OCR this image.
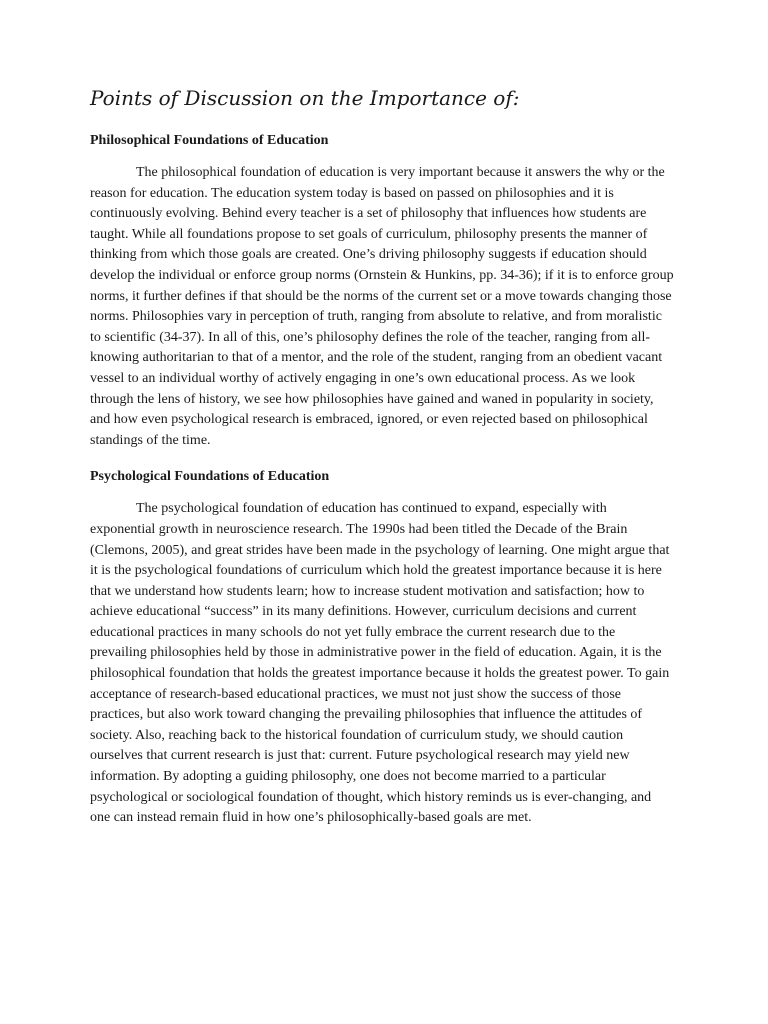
Points of Discussion on the Importance of:
Philosophical Foundations of Education

The philosophical foundation of education is very important because it answers the why or the reason for education. The education system today is based on passed on philosophies and it is continuously evolving. Behind every teacher is a set of philosophy that influences how students are taught. While all foundations propose to set goals of curriculum, philosophy presents the manner of thinking from which those goals are created. One’s driving philosophy suggests if education should develop the individual or enforce group norms (Ornstein & Hunkins, pp. 34-36); if it is to enforce group norms, it further defines if that should be the norms of the current set or a move towards changing those norms. Philosophies vary in perception of truth, ranging from absolute to relative, and from moralistic to scientific (34-37). In all of this, one’s philosophy defines the role of the teacher, ranging from all-knowing authoritarian to that of a mentor, and the role of the student, ranging from an obedient vacant vessel to an individual worthy of actively engaging in one’s own educational process. As we look through the lens of history, we see how philosophies have gained and waned in popularity in society, and how even psychological research is embraced, ignored, or even rejected based on philosophical standings of the time.

Psychological Foundations of Education

The psychological foundation of education has continued to expand, especially with exponential growth in neuroscience research. The 1990s had been titled the Decade of the Brain (Clemons, 2005), and great strides have been made in the psychology of learning. One might argue that it is the psychological foundations of curriculum which hold the greatest importance because it is here that we understand how students learn; how to increase student motivation and satisfaction; how to achieve educational “success” in its many definitions. However, curriculum decisions and current educational practices in many schools do not yet fully embrace the current research due to the prevailing philosophies held by those in administrative power in the field of education. Again, it is the philosophical foundation that holds the greatest importance because it holds the greatest power. To gain acceptance of research-based educational practices, we must not just show the success of those practices, but also work toward changing the prevailing philosophies that influence the attitudes of society. Also, reaching back to the historical foundation of curriculum study, we should caution ourselves that current research is just that: current. Future psychological research may yield new information. By adopting a guiding philosophy, one does not become married to a particular psychological or sociological foundation of thought, which history reminds us is ever-changing, and one can instead remain fluid in how one’s philosophically-based goals are met.
